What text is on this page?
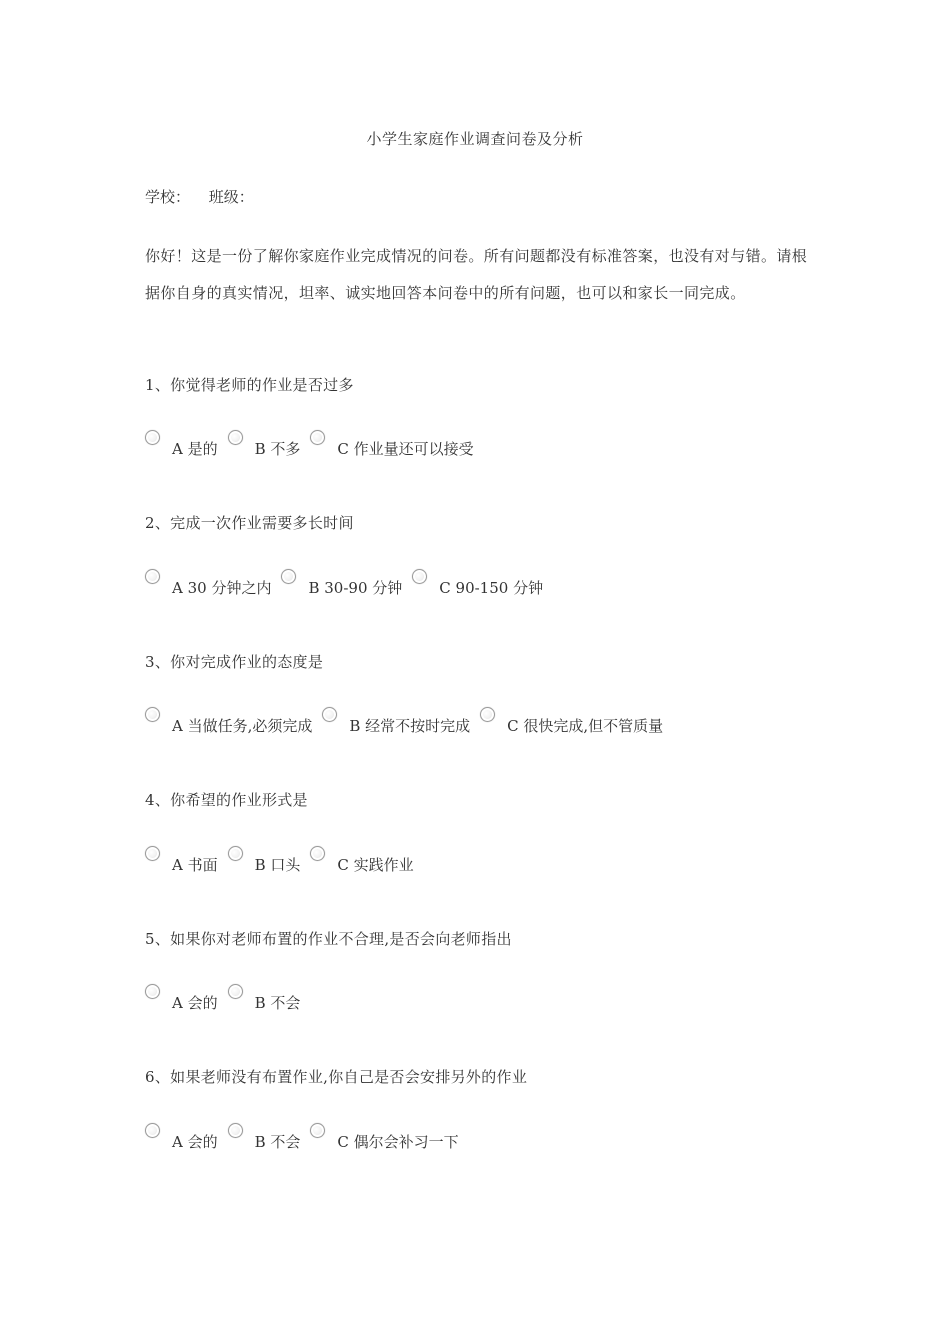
小学生家庭作业调查问卷及分析
学校： 班级：
你好！这是一份了解你家庭作业完成情况的问卷。所有问题都没有标准答案，也没有对与错。请根据你自身的真实情况，坦率、诚实地回答本问卷中的所有问题，也可以和家长一同完成。
1、你觉得老师的作业是否过多
A 是的 B 不多 C 作业量还可以接受
2、完成一次作业需要多长时间
A 30 分钟之内 B 30-90 分钟 C 90-150 分钟
3、你对完成作业的态度是
A 当做任务,必须完成 B 经常不按时完成 C 很快完成,但不管质量
4、你希望的作业形式是
A 书面 B 口头 C 实践作业
5、如果你对老师布置的作业不合理,是否会向老师指出
A 会的 B 不会
6、如果老师没有布置作业,你自己是否会安排另外的作业
A 会的 B 不会 C 偶尔会补习一下
